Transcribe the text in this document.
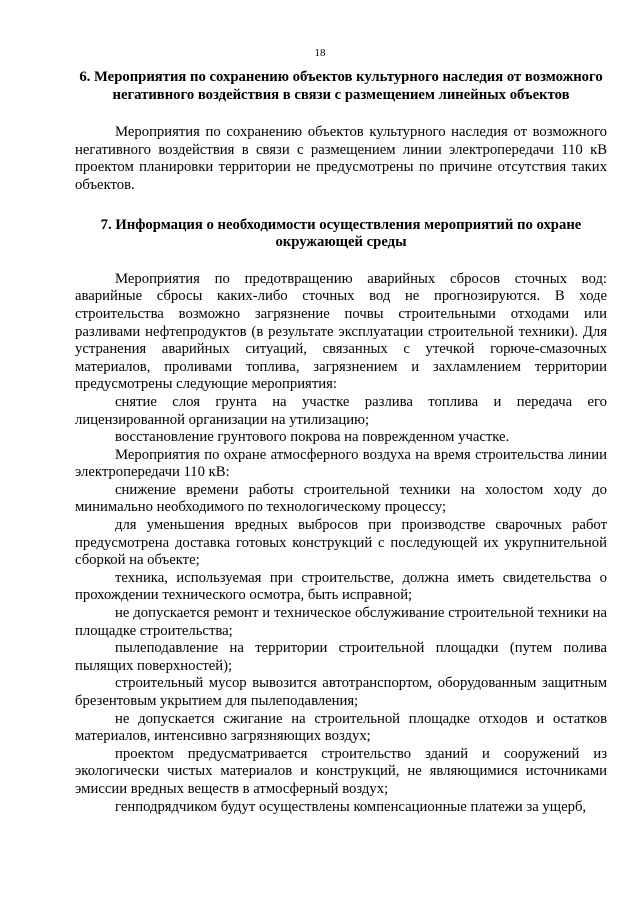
18
6. Мероприятия по сохранению объектов культурного наследия от возможного негативного воздействия в связи с размещением линейных объектов

Мероприятия по сохранению объектов культурного наследия от возможного негативного воздействия в связи с размещением линии электропередачи 110 кВ проектом планировки территории не предусмотрены по причине отсутствия таких объектов.

7. Информация о необходимости осуществления мероприятий по охране окружающей среды

Мероприятия по предотвращению аварийных сбросов сточных вод: аварийные сбросы каких-либо сточных вод не прогнозируются. В ходе строительства возможно загрязнение почвы строительными отходами или разливами нефтепродуктов (в результате эксплуатации строительной техники). Для устранения аварийных ситуаций, связанных с утечкой горюче-смазочных материалов, проливами топлива, загрязнением и захламлением территории предусмотрены следующие мероприятия:

снятие слоя грунта на участке разлива топлива и передача его лицензированной организации на утилизацию;

восстановление грунтового покрова на поврежденном участке.

Мероприятия по охране атмосферного воздуха на время строительства линии электропередачи 110 кВ:

снижение времени работы строительной техники на холостом ходу до минимально необходимого по технологическому процессу;

для уменьшения вредных выбросов при производстве сварочных работ предусмотрена доставка готовых конструкций с последующей их укрупнительной сборкой на объекте;

техника, используемая при строительстве, должна иметь свидетельства о прохождении технического осмотра, быть исправной;

не допускается ремонт и техническое обслуживание строительной техники на площадке строительства;

пылеподавление на территории строительной площадки (путем полива пылящих поверхностей);

строительный мусор вывозится автотранспортом, оборудованным защитным брезентовым укрытием для пылеподавления;

не допускается сжигание на строительной площадке отходов и остатков материалов, интенсивно загрязняющих воздух;

проектом предусматривается строительство зданий и сооружений из экологически чистых материалов и конструкций, не являющимися источниками эмиссии вредных веществ в атмосферный воздух;

генподрядчиком будут осуществлены компенсационные платежи за ущерб,
